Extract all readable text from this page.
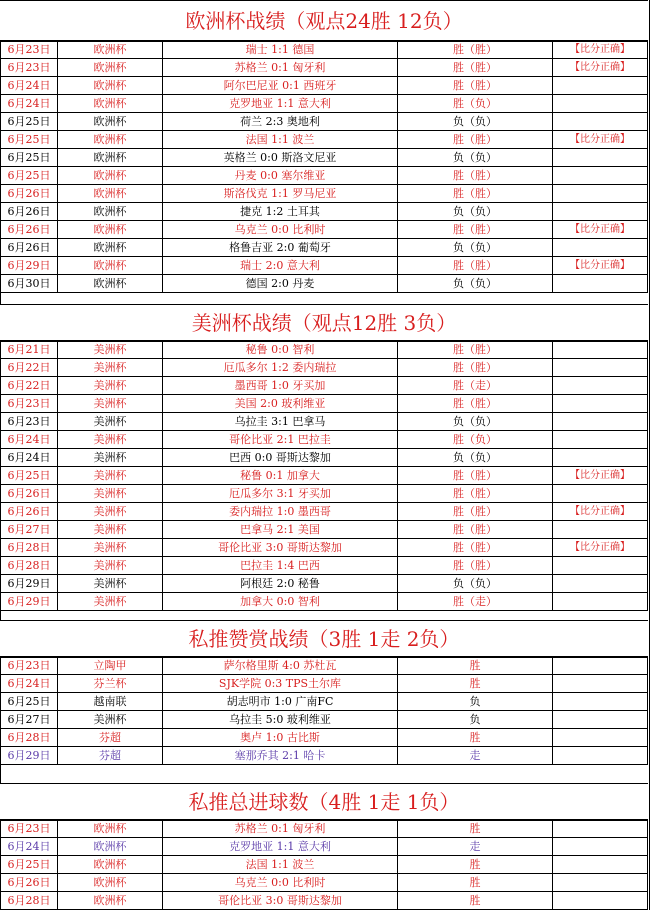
欧洲杯战绩（观点24胜 12负）
6月23日	欧洲杯	瑞士 1:1 德国	胜（胜）	【比分正确】
6月23日	欧洲杯	苏格兰 0:1 匈牙利	胜（胜）	【比分正确】
6月24日	欧洲杯	阿尔巴尼亚 0:1 西班牙	胜（胜）	
6月24日	欧洲杯	克罗地亚 1:1 意大利	胜（负）	
6月25日	欧洲杯	荷兰 2:3 奥地利	负（负）	
6月25日	欧洲杯	法国 1:1 波兰	胜（胜）	【比分正确】
6月25日	欧洲杯	英格兰 0:0 斯洛文尼亚	负（负）	
6月25日	欧洲杯	丹麦 0:0 塞尔维亚	胜（胜）	
6月26日	欧洲杯	斯洛伐克 1:1 罗马尼亚	胜（胜）	
6月26日	欧洲杯	捷克 1:2 土耳其	负（负）	
6月26日	欧洲杯	乌克兰 0:0 比利时	胜（胜）	【比分正确】
6月26日	欧洲杯	格鲁吉亚 2:0 葡萄牙	负（负）	
6月29日	欧洲杯	瑞士 2:0 意大利	胜（胜）	【比分正确】
6月30日	欧洲杯	德国 2:0 丹麦	负（负）	
美洲杯战绩（观点12胜 3负）
6月21日	美洲杯	秘鲁 0:0 智利	胜（胜）	
6月22日	美洲杯	厄瓜多尔 1:2 委内瑞拉	胜（胜）	
6月22日	美洲杯	墨西哥 1:0 牙买加	胜（走）	
6月23日	美洲杯	美国 2:0 玻利维亚	胜（胜）	
6月23日	美洲杯	乌拉圭 3:1 巴拿马	负（负）	
6月24日	美洲杯	哥伦比亚 2:1 巴拉圭	胜（负）	
6月24日	美洲杯	巴西 0:0 哥斯达黎加	负（负）	
6月25日	美洲杯	秘鲁 0:1 加拿大	胜（胜）	【比分正确】
6月26日	美洲杯	厄瓜多尔 3:1 牙买加	胜（胜）	
6月26日	美洲杯	委内瑞拉 1:0 墨西哥	胜（胜）	【比分正确】
6月27日	美洲杯	巴拿马 2:1 美国	胜（胜）	
6月28日	美洲杯	哥伦比亚 3:0 哥斯达黎加	胜（胜）	【比分正确】
6月28日	美洲杯	巴拉圭 1:4 巴西	胜（胜）	
6月29日	美洲杯	阿根廷 2:0 秘鲁	负（负）	
6月29日	美洲杯	加拿大 0:0 智利	胜（走）	
私推赞赏战绩（3胜 1走 2负）
6月23日	立陶甲	萨尔格里斯 4:0 苏杜瓦	胜	
6月24日	芬兰杯	SJK学院 0:3 TPS土尔库	胜	
6月25日	越南联	胡志明市 1:0 广南FC	负	
6月27日	美洲杯	乌拉圭 5:0 玻利维亚	负	
6月28日	芬超	奥卢 1:0 古比斯	胜	
6月29日	芬超	塞那乔其 2:1 哈卡	走	
私推总进球数（4胜 1走 1负）
6月23日	欧洲杯	苏格兰 0:1 匈牙利	胜	
6月24日	欧洲杯	克罗地亚 1:1 意大利	走	
6月25日	欧洲杯	法国 1:1 波兰	胜	
6月26日	欧洲杯	乌克兰 0:0 比利时	胜	
6月28日	欧洲杯	哥伦比亚 3:0 哥斯达黎加	胜	
